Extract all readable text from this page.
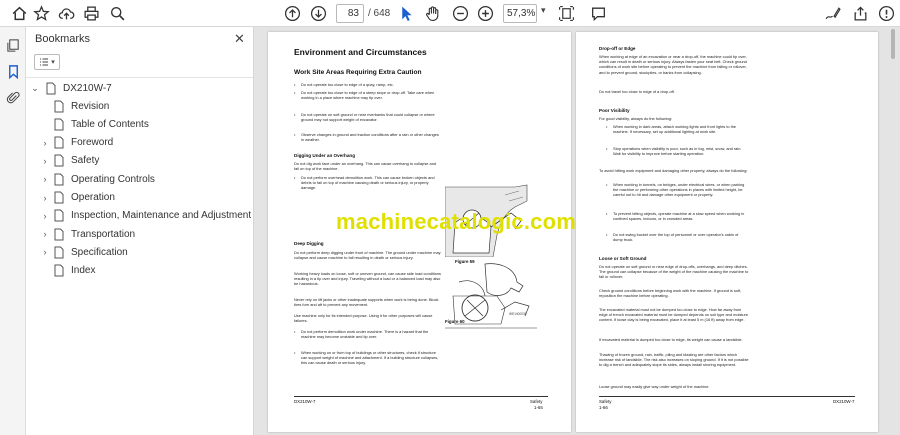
83 / 648	57,3% ▾
Bookmarks	✕
▾
⌄ DX210W-7
Revision
Table of Contents
›	Foreword
›	Safety
›	Operating Controls
›	Operation
›	Inspection, Maintenance and Adjustment
›	Transportation
›	Specification
Index
Environment and Circumstances
Work Site Areas Requiring Extra Caution
• Do not operate too close to edge of a quay, ramp, etc.
• Do not operate too close to edge of a steep slope or drop-off. Take care when working in a place where machine may tip over.
• Do not operate on soft ground or near riverbanks that could collapse or where ground may not support weight of excavator.
• Observe changes in ground and traction conditions after a rain or other changes in weather.
Digging Under an Overhang
Do not dig work face under an overhang. This can cause overhang to collapse and fall on top of the machine.
• Do not perform overhead demolition work. This can cause broken objects and debris to fall on top of machine causing death or serious injury, or property damage.
Deep Digging
Do not perform deep digging under front of machine. The ground under machine may collapse and cause machine to fall resulting in death or serious injury.
Working heavy loads on loose, soft or uneven ground, can cause side load conditions resulting in a tip over and injury. Traveling without a load or a balanced load may also be hazardous.
Never rely on lift jacks or other inadequate supports when work is being done. Block tires fore and aft to prevent any movement.
Use machine only for its intended purpose. Using it for other purposes will cause failures.
• Do not perform demolition work under machine. There is a hazard that the machine may become unstable and tip over.
• When working on or from top of buildings or other structures, check if structure can support weight of machine and attachment. If a building structure collapses, this can cause death or serious injury.
Figure 59
WE1400030
Figure 60
DX210W-7	Safety
1-65
Drop-off or Edge
When working at edge of an excavation or near a drop-off, the machine could tip over, which can result in death or serious injury. Always fasten your seat belt. Check ground conditions of work site before operating to prevent the machine from falling or rollover, and to prevent ground, stockpiles, or banks from collapsing.
Do not travel too close to edge of a drop-off.
Poor Visibility
For good visibility, always do the following:
• When working in dark areas, attach working lights and front lights to the machine. If necessary, set up additional lighting at work site.
• Stop operations when visibility is poor, such as in fog, mist, snow, and rain. Wait for visibility to improve before starting operation.
To avoid hitting work equipment and damaging other property, always do the following:
• When working in tunnels, on bridges, under electrical wires, or when parking the machine or performing other operations in places with limited height, be careful not to hit and damage other equipment or property.
• To prevent hitting objects, operate machine at a slow speed when working in confined spaces, indoors, or in crowded areas.
• Do not swing bucket over the top of personnel or over operator's cabin of dump truck.
Loose or Soft Ground
Do not operate on soft ground or near edge of drop-offs, overhangs, and deep ditches. The ground can collapse because of the weight of the machine causing the machine to fall or rollover.
Check ground conditions before beginning work with the machine. If ground is soft, reposition the machine before operating.
The excavated material must not be dumped too close to edge. How far away from edge of trench excavated material must be dumped depends on soil type and moisture content. If loose clay is being excavated, place it at least 5 m (16 ft) away from edge.
If excavated material is dumped too close to edge, its weight can cause a landslide.
Thawing of frozen ground, rain, traffic, piling and blasting are other factors which increase risk of landslide. The risk also increases on sloping ground. If it is not possible to dig a trench and adequately slope its sides, always install shoring equipment.
Loose ground may easily give way under weight of the machine.
Safety
1-66
DX210W-7
machinecatalogic.com
